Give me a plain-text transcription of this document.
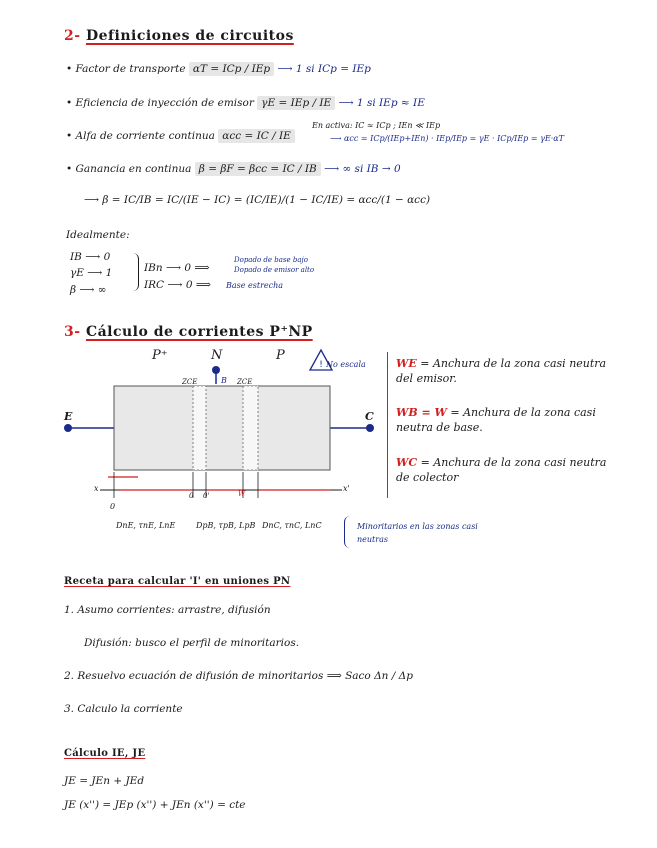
2- Definiciones de circuitos
• Factor de transporte αT = ICp / IEp ⟶ 1 si ICp = IEp
• Eficiencia de inyección de emisor γE = IEp / IE ⟶ 1 si IEp ≈ IE
• Alfa de corriente continua αcc = IC / IE
En activa: IC ≈ ICp ; IEn ≪ IEp
⟶ αcc = ICp/(IEp+IEn) · IEp/IEp = γE · ICp/IEp = γE·αT
• Ganancia en continua β = βF = βcc = IC / IB ⟶ ∞ si IB → 0
⟶ β = IC/IB = IC/(IE − IC) = (IC/IE)/(1 − IC/IE) = αcc/(1 − αcc)
Idealmente:
IB ⟶ 0
γE ⟶ 1
β ⟶ ∞
IBn ⟶ 0 ⟹
IRC ⟶ 0 ⟹
Dopado de base bajo
Dopado de emisor alto
Base estrecha
3- Cálculo de corrientes P⁺NP
!
P⁺	N	P
B
No escala
ZCE	ZCE
E	C
x	x'
0
0 0'	W
WE = Anchura de la zona casi neutra del emisor.
WB = W = Anchura de la zona casi neutra de base.
WC = Anchura de la zona casi neutra de colector
DnE, τnE, LnE	DpB, τpB, LpB DnC, τnC, LnC	Minoritarios en las zonas casi neutras
Receta para calcular 'I' en uniones PN
1. Asumo corrientes: arrastre, difusión
Difusión: busco el perfil de minoritarios.
2. Resuelvo ecuación de difusión de minoritarios ⟹ Saco Δn / Δp
3. Calculo la corriente
Cálculo IE, JE
JE = JEn + JEd
JE (x'') = JEp (x'') + JEn (x'') = cte
